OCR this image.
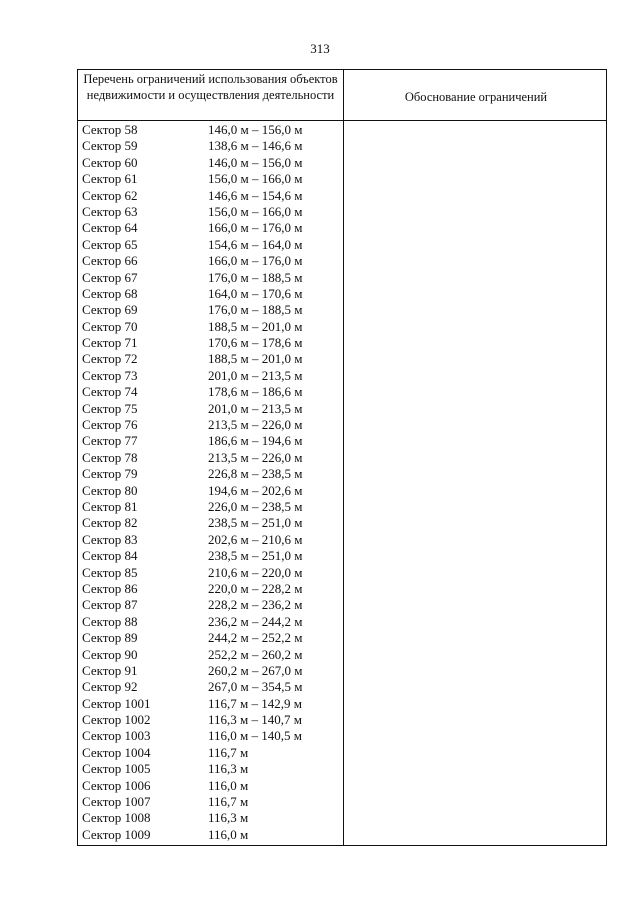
313
Перечень ограничений использования объектов недвижимости и осуществления деятельности	Обоснование ограничений
Сектор 58	146,0 м – 156,0 м
Сектор 59	138,6 м – 146,6 м
Сектор 60	146,0 м – 156,0 м
Сектор 61	156,0 м – 166,0 м
Сектор 62	146,6 м – 154,6 м
Сектор 63	156,0 м – 166,0 м
Сектор 64	166,0 м – 176,0 м
Сектор 65	154,6 м – 164,0 м
Сектор 66	166,0 м – 176,0 м
Сектор 67	176,0 м – 188,5 м
Сектор 68	164,0 м – 170,6 м
Сектор 69	176,0 м – 188,5 м
Сектор 70	188,5 м – 201,0 м
Сектор 71	170,6 м – 178,6 м
Сектор 72	188,5 м – 201,0 м
Сектор 73	201,0 м – 213,5 м
Сектор 74	178,6 м – 186,6 м
Сектор 75	201,0 м – 213,5 м
Сектор 76	213,5 м – 226,0 м
Сектор 77	186,6 м – 194,6 м
Сектор 78	213,5 м – 226,0 м
Сектор 79	226,8 м – 238,5 м
Сектор 80	194,6 м – 202,6 м
Сектор 81	226,0 м – 238,5 м
Сектор 82	238,5 м – 251,0 м
Сектор 83	202,6 м – 210,6 м
Сектор 84	238,5 м – 251,0 м
Сектор 85	210,6 м – 220,0 м
Сектор 86	220,0 м – 228,2 м
Сектор 87	228,2 м – 236,2 м
Сектор 88	236,2 м – 244,2 м
Сектор 89	244,2 м – 252,2 м
Сектор 90	252,2 м – 260,2 м
Сектор 91	260,2 м – 267,0 м
Сектор 92	267,0 м – 354,5 м
Сектор 1001	116,7 м – 142,9 м
Сектор 1002	116,3 м – 140,7 м
Сектор 1003	116,0 м – 140,5 м
Сектор 1004	116,7 м
Сектор 1005	116,3 м
Сектор 1006	116,0 м
Сектор 1007	116,7 м
Сектор 1008	116,3 м
Сектор 1009	116,0 м
